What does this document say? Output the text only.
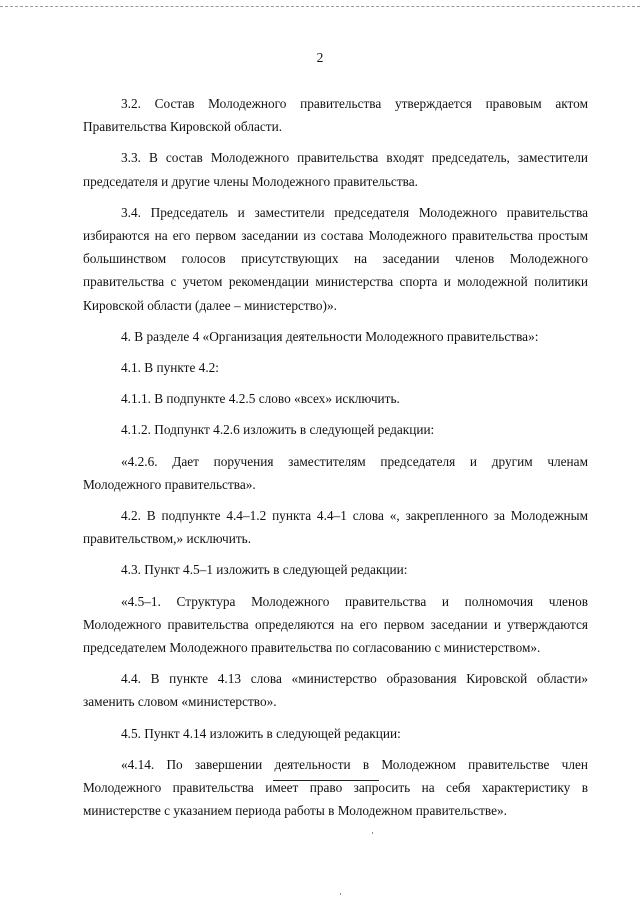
2

3.2. Состав Молодежного правительства утверждается правовым актом Правительства Кировской области.

3.3. В состав Молодежного правительства входят председатель, заместители председателя и другие члены Молодежного правительства.

3.4. Председатель и заместители председателя Молодежного правительства избираются на его первом заседании из состава Молодежного правительства простым большинством голосов присутствующих на заседании членов Молодежного правительства с учетом рекомендации министерства спорта и молодежной политики Кировской области (далее – министерство)».

4. В разделе 4 «Организация деятельности Молодежного правительства»:

4.1. В пункте 4.2:

4.1.1. В подпункте 4.2.5 слово «всех» исключить.

4.1.2. Подпункт 4.2.6 изложить в следующей редакции:

«4.2.6. Дает поручения заместителям председателя и другим членам Молодежного правительства».

4.2. В подпункте 4.4–1.2 пункта 4.4–1 слова «, закрепленного за Молодежным правительством,» исключить.

4.3. Пункт 4.5–1 изложить в следующей редакции:

«4.5–1. Структура Молодежного правительства и полномочия членов Молодежного правительства определяются на его первом заседании и утверждаются председателем Молодежного правительства по согласованию с министерством».

4.4. В пункте 4.13 слова «министерство образования Кировской области» заменить словом «министерство».

4.5. Пункт 4.14 изложить в следующей редакции:

«4.14. По завершении деятельности в Молодежном правительстве член Молодежного правительства имеет право запросить на себя характеристику в министерстве с указанием периода работы в Молодежном правительстве».
